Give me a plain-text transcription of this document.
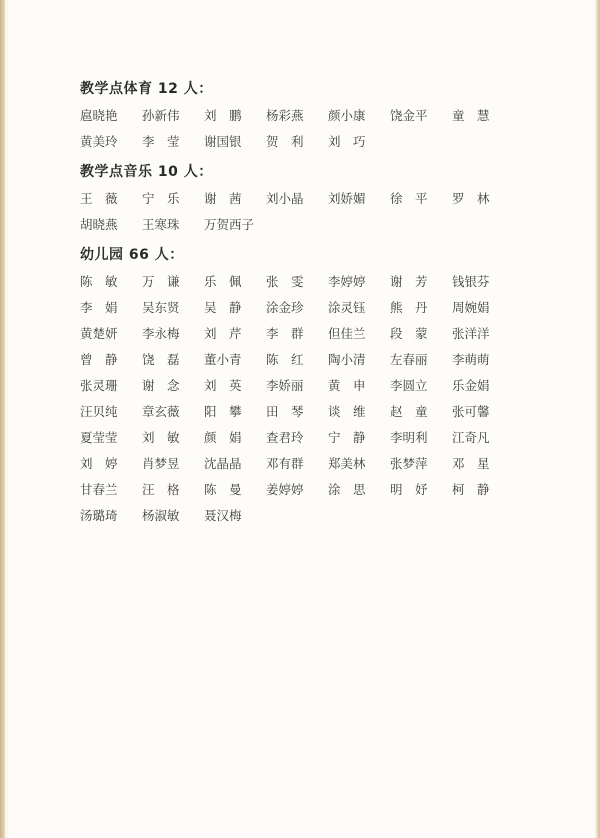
教学点体育 12 人：
扈晓艳	孙新伟	刘　鹏	杨彩燕	颜小康	饶金平	童　慧
黄美玲	李　莹	谢国银	贺　利	刘　巧
教学点音乐 10 人：
王　薇	宁　乐	谢　茜	刘小晶	刘娇媚	徐　平	罗　林
胡晓燕	王寒珠	万贺西子
幼儿园 66 人：
陈　敏	万　谦	乐　佩	张　雯	李婷婷	谢　芳	钱银芬
李　娟	吴东贤	吴　静	涂金珍	涂灵钰	熊　丹	周婉娟
黄楚妍	李永梅	刘　芹	李　群	但佳兰	段　蒙	张洋洋
曾　静	饶　磊	董小青	陈　红	陶小清	左春丽	李萌萌
张灵珊	谢　念	刘　英	李娇丽	黄　申	李圆立	乐金娟
汪贝纯	章玄薇	阳　攀	田　琴	谈　维	赵　童	张可馨
夏莹莹	刘　敏	颜　娟	查君玲	宁　静	李明利	江奇凡
刘　婷	肖梦昱	沈晶晶	邓有群	郑美林	张梦萍	邓　星
甘春兰	汪　格	陈　曼	姜婷婷	涂　思	明　妤	柯　静
汤璐琦	杨淑敏	聂汉梅
